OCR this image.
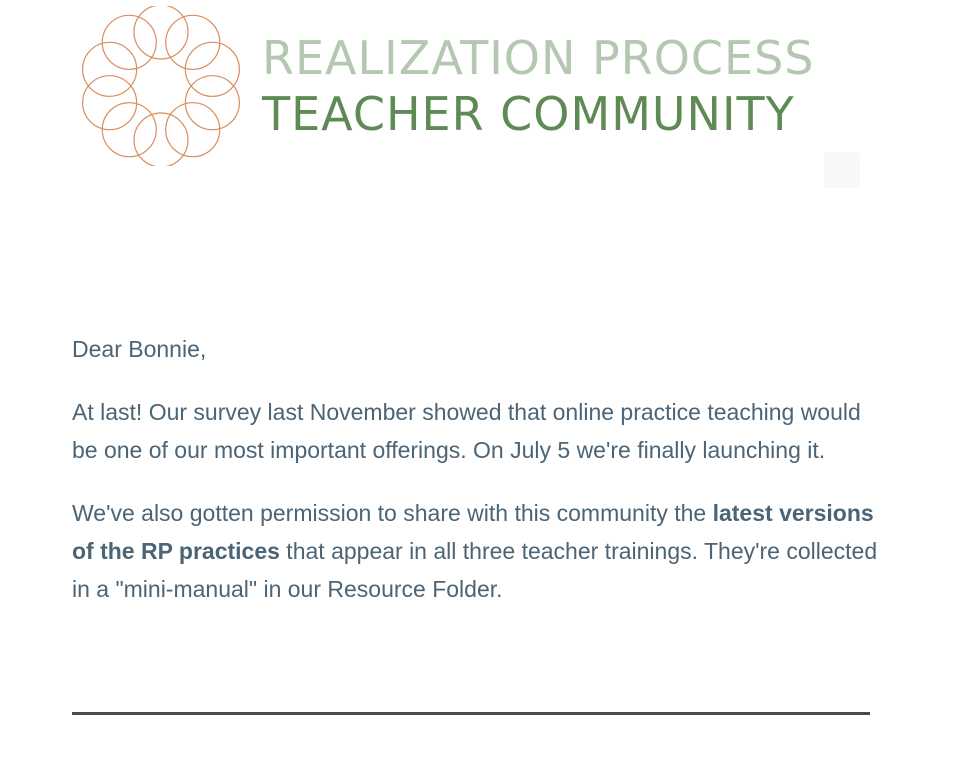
REALIZATION PROCESS
TEACHER COMMUNITY

Dear Bonnie,

At last! Our survey last November showed that online practice teaching would be one of our most important offerings. On July 5 we're finally launching it.

We've also gotten permission to share with this community the latest versions of the RP practices that appear in all three teacher trainings. They're collected in a "mini-manual" in our Resource Folder.
